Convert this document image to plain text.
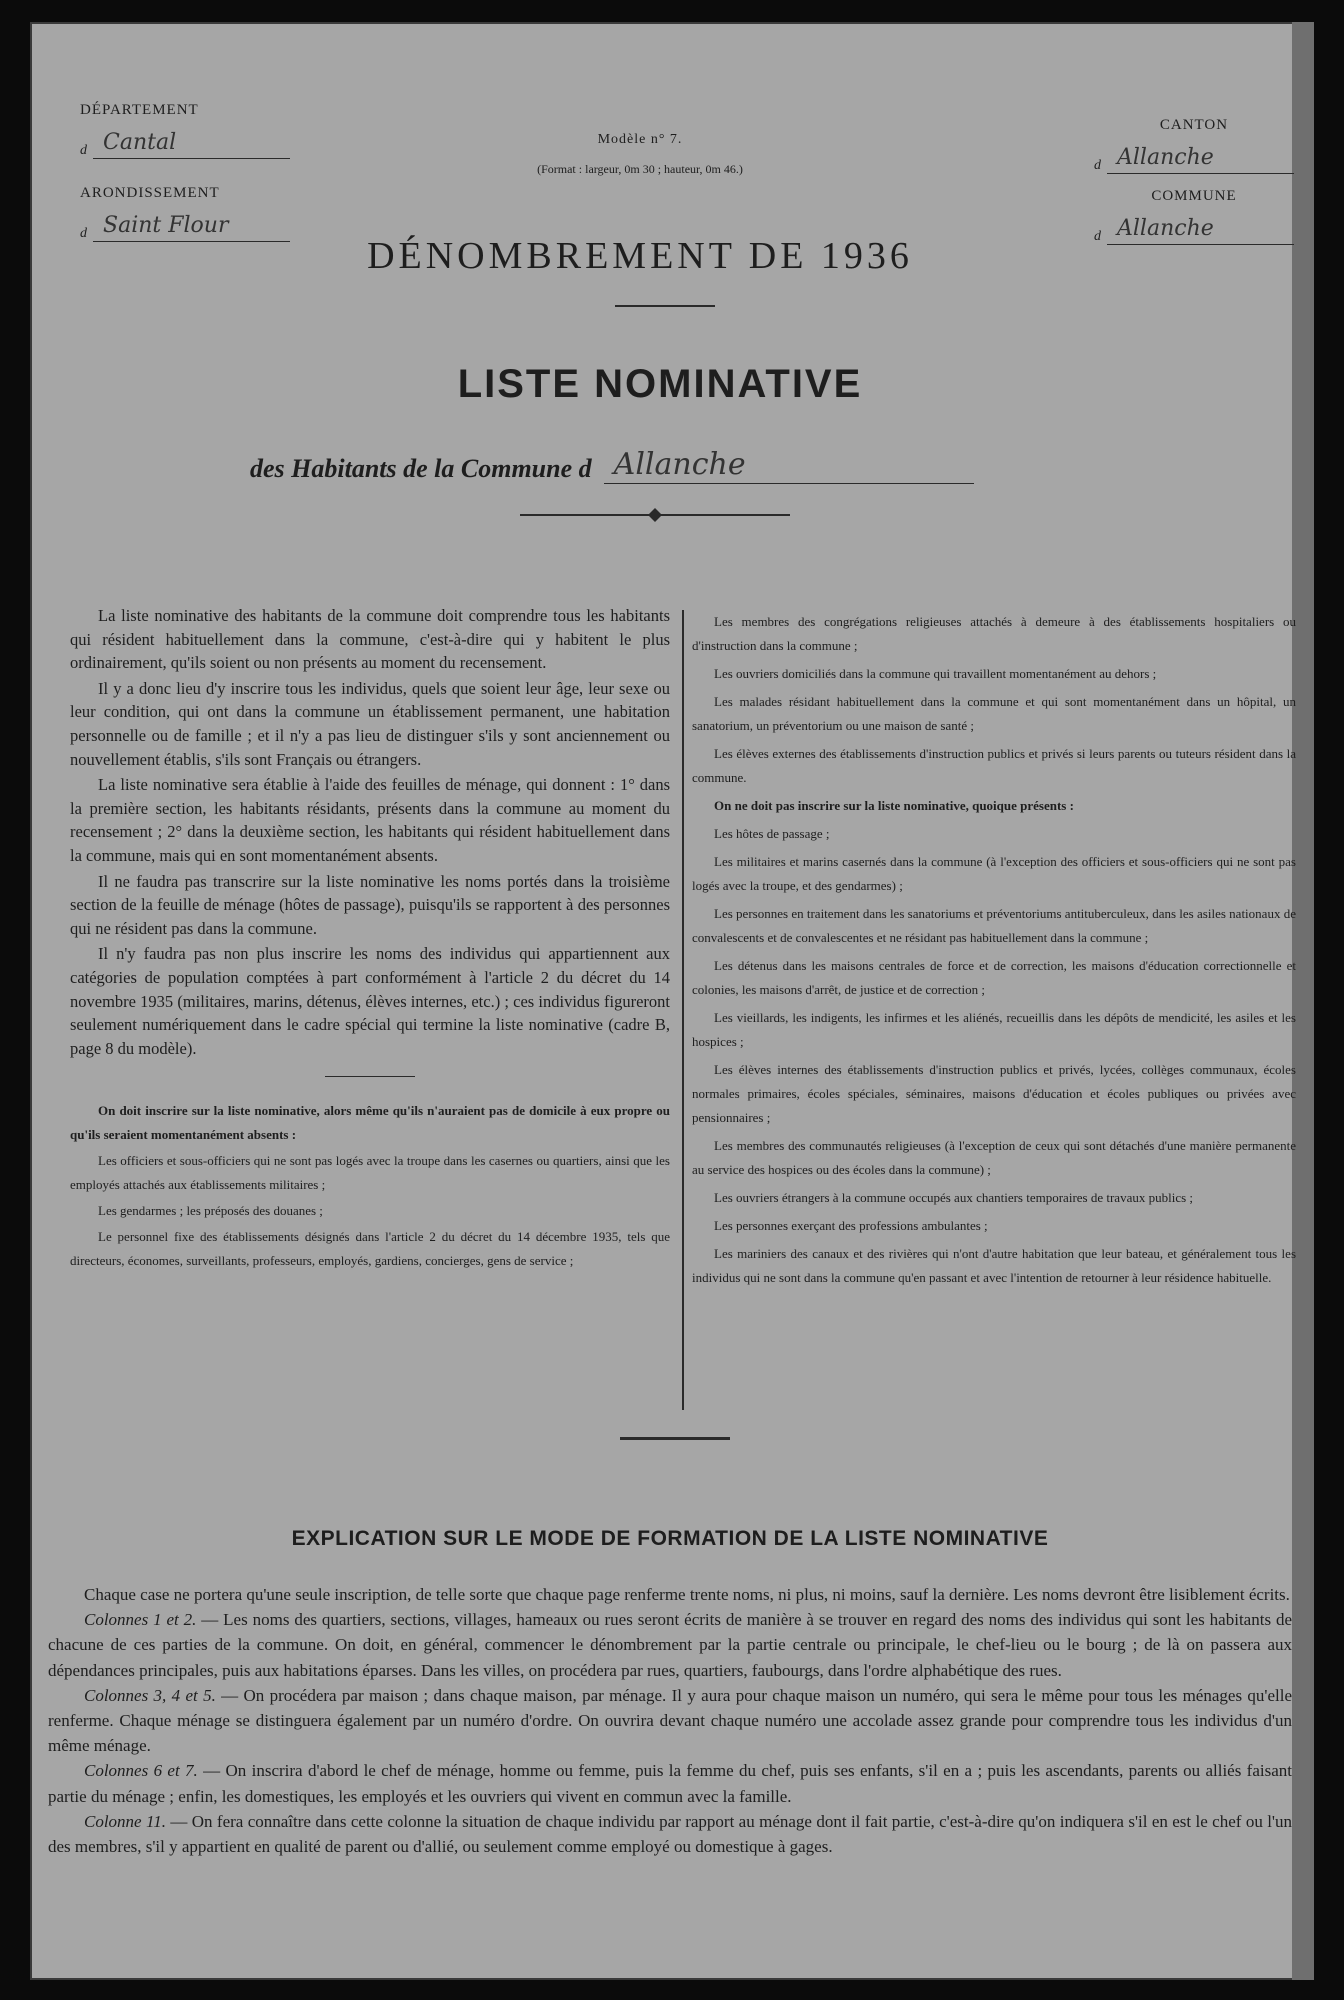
DÉPARTEMENT
d Cantal
ARONDISSEMENT
d Saint Flour
Modèle n° 7.
(Format : largeur, 0m 30 ; hauteur, 0m 46.)
CANTON
d Allanche
COMMUNE
d Allanche
DÉNOMBREMENT DE 1936
LISTE NOMINATIVE
des Habitants de la Commune d Allanche

La liste nominative des habitants de la commune doit comprendre tous les habitants qui résident habituellement dans la commune, c'est-à-dire qui y habitent le plus ordinairement, qu'ils soient ou non présents au moment du recensement.

Il y a donc lieu d'y inscrire tous les individus, quels que soient leur âge, leur sexe ou leur condition, qui ont dans la commune un établissement permanent, une habitation personnelle ou de famille ; et il n'y a pas lieu de distinguer s'ils y sont anciennement ou nouvellement établis, s'ils sont Français ou étrangers.

La liste nominative sera établie à l'aide des feuilles de ménage, qui donnent : 1° dans la première section, les habitants résidants, présents dans la commune au moment du recensement ; 2° dans la deuxième section, les habitants qui résident habituellement dans la commune, mais qui en sont momentanément absents.

Il ne faudra pas transcrire sur la liste nominative les noms portés dans la troisième section de la feuille de ménage (hôtes de passage), puisqu'ils se rapportent à des personnes qui ne résident pas dans la commune.

Il n'y faudra pas non plus inscrire les noms des individus qui appartiennent aux catégories de population comptées à part conformément à l'article 2 du décret du 14 novembre 1935 (militaires, marins, détenus, élèves internes, etc.) ; ces individus figureront seulement numériquement dans le cadre spécial qui termine la liste nominative (cadre B, page 8 du modèle).

On doit inscrire sur la liste nominative, alors même qu'ils n'auraient pas de domicile à eux propre ou qu'ils seraient momentanément absents :

Les officiers et sous-officiers qui ne sont pas logés avec la troupe dans les casernes ou quartiers, ainsi que les employés attachés aux établissements militaires ;

Les gendarmes ; les préposés des douanes ;

Le personnel fixe des établissements désignés dans l'article 2 du décret du 14 décembre 1935, tels que directeurs, économes, surveillants, professeurs, employés, gardiens, concierges, gens de service ;

Les membres des congrégations religieuses attachés à demeure à des établissements hospitaliers ou d'instruction dans la commune ;

Les ouvriers domiciliés dans la commune qui travaillent momentanément au dehors ;

Les malades résidant habituellement dans la commune et qui sont momentanément dans un hôpital, un sanatorium, un préventorium ou une maison de santé ;

Les élèves externes des établissements d'instruction publics et privés si leurs parents ou tuteurs résident dans la commune.

On ne doit pas inscrire sur la liste nominative, quoique présents :

Les hôtes de passage ;

Les militaires et marins casernés dans la commune (à l'exception des officiers et sous-officiers qui ne sont pas logés avec la troupe, et des gendarmes) ;

Les personnes en traitement dans les sanatoriums et préventoriums antituberculeux, dans les asiles nationaux de convalescents et de convalescentes et ne résidant pas habituellement dans la commune ;

Les détenus dans les maisons centrales de force et de correction, les maisons d'éducation correctionnelle et colonies, les maisons d'arrêt, de justice et de correction ;

Les vieillards, les indigents, les infirmes et les aliénés, recueillis dans les dépôts de mendicité, les asiles et les hospices ;

Les élèves internes des établissements d'instruction publics et privés, lycées, collèges communaux, écoles normales primaires, écoles spéciales, séminaires, maisons d'éducation et écoles publiques ou privées avec pensionnaires ;

Les membres des communautés religieuses (à l'exception de ceux qui sont détachés d'une manière permanente au service des hospices ou des écoles dans la commune) ;

Les ouvriers étrangers à la commune occupés aux chantiers temporaires de travaux publics ;

Les personnes exerçant des professions ambulantes ;

Les mariniers des canaux et des rivières qui n'ont d'autre habitation que leur bateau, et généralement tous les individus qui ne sont dans la commune qu'en passant et avec l'intention de retourner à leur résidence habituelle.

EXPLICATION SUR LE MODE DE FORMATION DE LA LISTE NOMINATIVE

Chaque case ne portera qu'une seule inscription, de telle sorte que chaque page renferme trente noms, ni plus, ni moins, sauf la dernière. Les noms devront être lisiblement écrits.

Colonnes 1 et 2. — Les noms des quartiers, sections, villages, hameaux ou rues seront écrits de manière à se trouver en regard des noms des individus qui sont les habitants de chacune de ces parties de la commune. On doit, en général, commencer le dénombrement par la partie centrale ou principale, le chef-lieu ou le bourg ; de là on passera aux dépendances principales, puis aux habitations éparses. Dans les villes, on procédera par rues, quartiers, faubourgs, dans l'ordre alphabétique des rues.

Colonnes 3, 4 et 5. — On procédera par maison ; dans chaque maison, par ménage. Il y aura pour chaque maison un numéro, qui sera le même pour tous les ménages qu'elle renferme. Chaque ménage se distinguera également par un numéro d'ordre. On ouvrira devant chaque numéro une accolade assez grande pour comprendre tous les individus d'un même ménage.

Colonnes 6 et 7. — On inscrira d'abord le chef de ménage, homme ou femme, puis la femme du chef, puis ses enfants, s'il en a ; puis les ascendants, parents ou alliés faisant partie du ménage ; enfin, les domestiques, les employés et les ouvriers qui vivent en commun avec la famille.

Colonne 11. — On fera connaître dans cette colonne la situation de chaque individu par rapport au ménage dont il fait partie, c'est-à-dire qu'on indiquera s'il en est le chef ou l'un des membres, s'il y appartient en qualité de parent ou d'allié, ou seulement comme employé ou domestique à gages.
